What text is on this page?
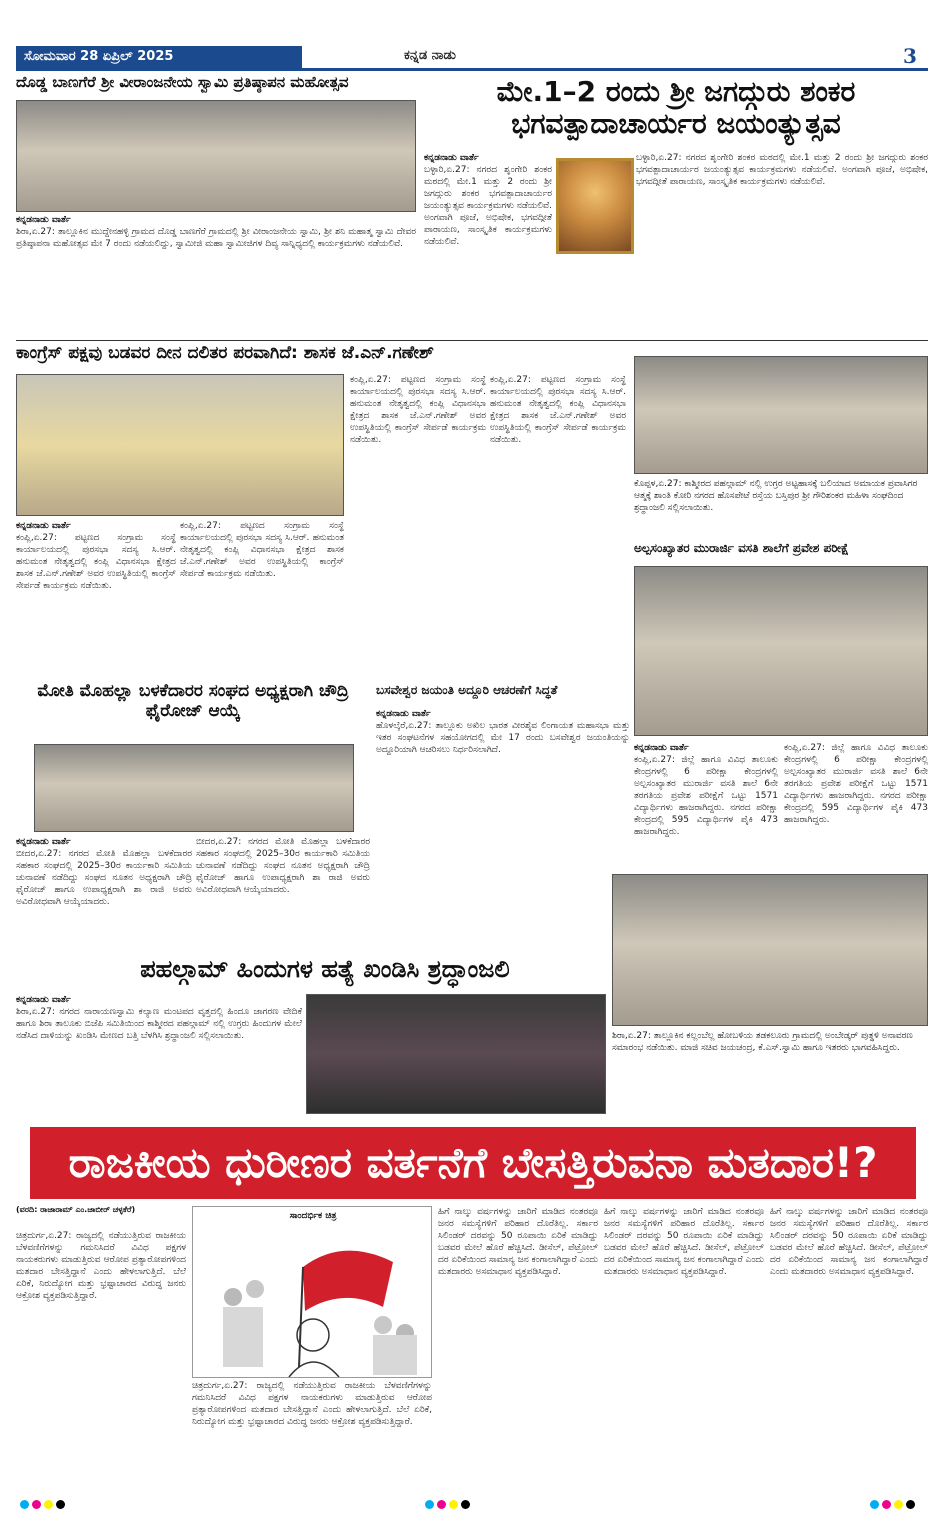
ಸೋಮವಾರ 28 ಏಪ್ರಿಲ್ 2025	ಕನ್ನಡ ನಾಡು	3
ದೊಡ್ಡ ಬಾಣಗೆರೆ ಶ್ರೀ ವೀರಾಂಜನೇಯ ಸ್ವಾಮಿ ಪ್ರತಿಷ್ಠಾಪನ ಮಹೋತ್ಸವ
ಕನ್ನಡನಾಡು ವಾರ್ತೆ
ಶಿರಾ,ಏ.27: ತಾಲ್ಲೂಕಿನ ಮುದ್ದೇನಹಳ್ಳಿ ಗ್ರಾಮದ ದೊಡ್ಡ ಬಾಣಗೆರೆ ಗ್ರಾಮದಲ್ಲಿ ಶ್ರೀ ವೀರಾಂಜನೇಯ ಸ್ವಾಮಿ, ಶ್ರೀ ಶನಿ ಮಹಾತ್ಮ ಸ್ವಾಮಿ ದೇವರ ಪ್ರತಿಷ್ಠಾಪನಾ ಮಹೋತ್ಸವ ಮೇ 7 ರಂದು ನಡೆಯಲಿದ್ದು, ಸ್ವಾಮೀಜಿ ಮಹಾ ಸ್ವಾಮೀಜಿಗಳ ದಿವ್ಯ ಸಾನ್ನಿಧ್ಯದಲ್ಲಿ ಕಾರ್ಯಕ್ರಮಗಳು ನಡೆಯಲಿವೆ.
ಮೇ.1–2 ರಂದು ಶ್ರೀ ಜಗದ್ಗುರು ಶಂಕರ ಭಗವತ್ಪಾದಾಚಾರ್ಯರ ಜಯಂತ್ಯುತ್ಸವ
ಕನ್ನಡನಾಡು ವಾರ್ತೆ
ಬಳ್ಳಾರಿ,ಏ.27: ನಗರದ ಶೃಂಗೇರಿ ಶಂಕರ ಮಠದಲ್ಲಿ ಮೇ.1 ಮತ್ತು 2 ರಂದು ಶ್ರೀ ಜಗದ್ಗುರು ಶಂಕರ ಭಗವತ್ಪಾದಾಚಾರ್ಯರ ಜಯಂತ್ಯುತ್ಸವ ಕಾರ್ಯಕ್ರಮಗಳು ನಡೆಯಲಿವೆ. ಅಂಗವಾಗಿ ಪೂಜೆ, ಅಭಿಷೇಕ, ಭಗವದ್ಗೀತೆ ಪಾರಾಯಣ, ಸಾಂಸ್ಕೃತಿಕ ಕಾರ್ಯಕ್ರಮಗಳು ನಡೆಯಲಿವೆ.
ಬಳ್ಳಾರಿ,ಏ.27: ನಗರದ ಶೃಂಗೇರಿ ಶಂಕರ ಮಠದಲ್ಲಿ ಮೇ.1 ಮತ್ತು 2 ರಂದು ಶ್ರೀ ಜಗದ್ಗುರು ಶಂಕರ ಭಗವತ್ಪಾದಾಚಾರ್ಯರ ಜಯಂತ್ಯುತ್ಸವ ಕಾರ್ಯಕ್ರಮಗಳು ನಡೆಯಲಿವೆ. ಅಂಗವಾಗಿ ಪೂಜೆ, ಅಭಿಷೇಕ, ಭಗವದ್ಗೀತೆ ಪಾರಾಯಣ, ಸಾಂಸ್ಕೃತಿಕ ಕಾರ್ಯಕ್ರಮಗಳು ನಡೆಯಲಿವೆ.
ಕಾಂಗ್ರೆಸ್ ಪಕ್ಷವು ಬಡವರ ದೀನ ದಲಿತರ ಪರವಾಗಿದೆ: ಶಾಸಕ ಜೆ.ಎನ್.ಗಣೇಶ್
ಕನ್ನಡನಾಡು ವಾರ್ತೆ
ಕಂಪ್ಲಿ,ಏ.27: ಪಟ್ಟಣದ ಸಂಗ್ರಾಮ ಸಂಸ್ಥೆ ಕಾರ್ಯಾಲಯದಲ್ಲಿ ಪುರಸಭಾ ಸದಸ್ಯ ಸಿ.ಆರ್. ಹನುಮಂತ ನೇತೃತ್ವದಲ್ಲಿ ಕಂಪ್ಲಿ ವಿಧಾನಸಭಾ ಕ್ಷೇತ್ರದ ಶಾಸಕ ಜೆ.ಎನ್.ಗಣೇಶ್ ಅವರ ಉಪಸ್ಥಿತಿಯಲ್ಲಿ ಕಾಂಗ್ರೆಸ್ ಸೇರ್ಪಡೆ ಕಾರ್ಯಕ್ರಮ ನಡೆಯಿತು.
ಕಂಪ್ಲಿ,ಏ.27: ಪಟ್ಟಣದ ಸಂಗ್ರಾಮ ಸಂಸ್ಥೆ ಕಾರ್ಯಾಲಯದಲ್ಲಿ ಪುರಸಭಾ ಸದಸ್ಯ ಸಿ.ಆರ್. ಹನುಮಂತ ನೇತೃತ್ವದಲ್ಲಿ ಕಂಪ್ಲಿ ವಿಧಾನಸಭಾ ಕ್ಷೇತ್ರದ ಶಾಸಕ ಜೆ.ಎನ್.ಗಣೇಶ್ ಅವರ ಉಪಸ್ಥಿತಿಯಲ್ಲಿ ಕಾಂಗ್ರೆಸ್ ಸೇರ್ಪಡೆ ಕಾರ್ಯಕ್ರಮ ನಡೆಯಿತು.
ಕಂಪ್ಲಿ,ಏ.27: ಪಟ್ಟಣದ ಸಂಗ್ರಾಮ ಸಂಸ್ಥೆ ಕಾರ್ಯಾಲಯದಲ್ಲಿ ಪುರಸಭಾ ಸದಸ್ಯ ಸಿ.ಆರ್. ಹನುಮಂತ ನೇತೃತ್ವದಲ್ಲಿ ಕಂಪ್ಲಿ ವಿಧಾನಸಭಾ ಕ್ಷೇತ್ರದ ಶಾಸಕ ಜೆ.ಎನ್.ಗಣೇಶ್ ಅವರ ಉಪಸ್ಥಿತಿಯಲ್ಲಿ ಕಾಂಗ್ರೆಸ್ ಸೇರ್ಪಡೆ ಕಾರ್ಯಕ್ರಮ ನಡೆಯಿತು.
ಕಂಪ್ಲಿ,ಏ.27: ಪಟ್ಟಣದ ಸಂಗ್ರಾಮ ಸಂಸ್ಥೆ ಕಾರ್ಯಾಲಯದಲ್ಲಿ ಪುರಸಭಾ ಸದಸ್ಯ ಸಿ.ಆರ್. ಹನುಮಂತ ನೇತೃತ್ವದಲ್ಲಿ ಕಂಪ್ಲಿ ವಿಧಾನಸಭಾ ಕ್ಷೇತ್ರದ ಶಾಸಕ ಜೆ.ಎನ್.ಗಣೇಶ್ ಅವರ ಉಪಸ್ಥಿತಿಯಲ್ಲಿ ಕಾಂಗ್ರೆಸ್ ಸೇರ್ಪಡೆ ಕಾರ್ಯಕ್ರಮ ನಡೆಯಿತು.
ಕೊಪ್ಪಳ,ಏ.27: ಕಾಶ್ಮೀರದ ಪಹಲ್ಗಾಮ್ ನಲ್ಲಿ ಉಗ್ರರ ಅಟ್ಟಹಾಸಕ್ಕೆ ಬಲಿಯಾದ ಅಮಾಯಕ ಪ್ರವಾಸಿಗರ ಆತ್ಮಕ್ಕೆ ಶಾಂತಿ ಕೋರಿ ನಗರದ ಹೊಸಪೇಟೆ ರಸ್ತೆಯ ಬಸ್ತಿಪುರ ಶ್ರೀ ಗೌರಿಶಂಕರ ಮಹಿಳಾ ಸಂಘದಿಂದ ಶ್ರದ್ಧಾಂಜಲಿ ಸಲ್ಲಿಸಲಾಯಿತು.
ಅಲ್ಪಸಂಖ್ಯಾತರ ಮುರಾರ್ಜಿ ವಸತಿ ಶಾಲೆಗೆ ಪ್ರವೇಶ ಪರೀಕ್ಷೆ
ಕನ್ನಡನಾಡು ವಾರ್ತೆ
ಕಂಪ್ಲಿ,ಏ.27: ಜಿಲ್ಲೆ ಹಾಗೂ ವಿವಿಧ ತಾಲೂಕು ಕೇಂದ್ರಗಳಲ್ಲಿ 6 ಪರೀಕ್ಷಾ ಕೇಂದ್ರಗಳಲ್ಲಿ ಅಲ್ಪಸಂಖ್ಯಾತರ ಮುರಾರ್ಜಿ ವಸತಿ ಶಾಲೆ 6ನೇ ತರಗತಿಯ ಪ್ರವೇಶ ಪರೀಕ್ಷೆಗೆ ಒಟ್ಟು 1571 ವಿದ್ಯಾರ್ಥಿಗಳು ಹಾಜರಾಗಿದ್ದರು. ನಗರದ ಪರೀಕ್ಷಾ ಕೇಂದ್ರದಲ್ಲಿ 595 ವಿದ್ಯಾರ್ಥಿಗಳ ಪೈಕಿ 473 ಹಾಜರಾಗಿದ್ದರು.
ಕಂಪ್ಲಿ,ಏ.27: ಜಿಲ್ಲೆ ಹಾಗೂ ವಿವಿಧ ತಾಲೂಕು ಕೇಂದ್ರಗಳಲ್ಲಿ 6 ಪರೀಕ್ಷಾ ಕೇಂದ್ರಗಳಲ್ಲಿ ಅಲ್ಪಸಂಖ್ಯಾತರ ಮುರಾರ್ಜಿ ವಸತಿ ಶಾಲೆ 6ನೇ ತರಗತಿಯ ಪ್ರವೇಶ ಪರೀಕ್ಷೆಗೆ ಒಟ್ಟು 1571 ವಿದ್ಯಾರ್ಥಿಗಳು ಹಾಜರಾಗಿದ್ದರು. ನಗರದ ಪರೀಕ್ಷಾ ಕೇಂದ್ರದಲ್ಲಿ 595 ವಿದ್ಯಾರ್ಥಿಗಳ ಪೈಕಿ 473 ಹಾಜರಾಗಿದ್ದರು.
ಮೋತಿ ಮೊಹಲ್ಲಾ ಬಳಕೆದಾರರ ಸಂಘದ ಅಧ್ಯಕ್ಷರಾಗಿ ಚೌದ್ರಿ ಫೈರೋಜ್ ಆಯ್ಕೆ
ಕನ್ನಡನಾಡು ವಾರ್ತೆ
ಬೀದರ,ಏ.27: ನಗರದ ಮೋತಿ ಮೊಹಲ್ಲಾ ಬಳಕೆದಾರರ ಸಹಕಾರ ಸಂಘದಲ್ಲಿ 2025–30ರ ಕಾರ್ಯಕಾರಿ ಸಮಿತಿಯ ಚುನಾವಣೆ ನಡೆದಿದ್ದು ಸಂಘದ ನೂತನ ಅಧ್ಯಕ್ಷರಾಗಿ ಚೌದ್ರಿ ಫೈರೋಜ್ ಹಾಗೂ ಉಪಾಧ್ಯಕ್ಷರಾಗಿ ಶಾ ರಾಜಿ ಅವರು ಅವಿರೋಧವಾಗಿ ಆಯ್ಕೆಯಾದರು.
ಬೀದರ,ಏ.27: ನಗರದ ಮೋತಿ ಮೊಹಲ್ಲಾ ಬಳಕೆದಾರರ ಸಹಕಾರ ಸಂಘದಲ್ಲಿ 2025–30ರ ಕಾರ್ಯಕಾರಿ ಸಮಿತಿಯ ಚುನಾವಣೆ ನಡೆದಿದ್ದು ಸಂಘದ ನೂತನ ಅಧ್ಯಕ್ಷರಾಗಿ ಚೌದ್ರಿ ಫೈರೋಜ್ ಹಾಗೂ ಉಪಾಧ್ಯಕ್ಷರಾಗಿ ಶಾ ರಾಜಿ ಅವರು ಅವಿರೋಧವಾಗಿ ಆಯ್ಕೆಯಾದರು.
ಬಸವೇಶ್ವರ ಜಯಂತಿ ಅದ್ದೂರಿ ಆಚರಣೆಗೆ ಸಿದ್ಧತೆ
ಕನ್ನಡನಾಡು ವಾರ್ತೆ
ಹೊಳಲ್ಕೆರೆ,ಏ.27: ತಾಲ್ಲೂಕು ಅಖಿಲ ಭಾರತ ವೀರಶೈವ ಲಿಂಗಾಯತ ಮಹಾಸಭಾ ಮತ್ತು ಇತರ ಸಂಘಟನೆಗಳ ಸಹಯೋಗದಲ್ಲಿ ಮೇ 17 ರಂದು ಬಸವೇಶ್ವರ ಜಯಂತಿಯನ್ನು ಅದ್ದೂರಿಯಾಗಿ ಆಚರಿಸಲು ನಿರ್ಧರಿಸಲಾಗಿದೆ.
ಪಹಲ್ಗಾಮ್ ಹಿಂದುಗಳ ಹತ್ಯೆ ಖಂಡಿಸಿ ಶ್ರದ್ಧಾಂಜಲಿ
ಕನ್ನಡನಾಡು ವಾರ್ತೆ
ಶಿರಾ,ಏ.27: ನಗರದ ನಾರಾಯಣಸ್ವಾಮಿ ಕಲ್ಯಾಣ ಮಂಟಪದ ವೃತ್ತದಲ್ಲಿ ಹಿಂದೂ ಜಾಗರಣ ವೇದಿಕೆ ಹಾಗೂ ಶಿರಾ ತಾಲೂಕು ಬಿಜೆಪಿ ಸಮಿತಿಯಿಂದ ಕಾಶ್ಮೀರದ ಪಹಲ್ಗಾಮ್ ನಲ್ಲಿ ಉಗ್ರರು ಹಿಂದುಗಳ ಮೇಲೆ ನಡೆಸಿದ ದಾಳಿಯನ್ನು ಖಂಡಿಸಿ ಮೇಣದ ಬತ್ತಿ ಬೆಳಗಿಸಿ ಶ್ರದ್ಧಾಂಜಲಿ ಸಲ್ಲಿಸಲಾಯಿತು.	ಶಿರಾ,ಏ.27: ತಾಲ್ಲೂಕಿನ ಕಲ್ಲಂಬೆಲ್ಲ ಹೋಬಳಿಯ ತಡಕಲೂರು ಗ್ರಾಮದಲ್ಲಿ ಅಂಬೇಡ್ಕರ್ ಪುತ್ಥಳಿ ಅನಾವರಣ ಸಮಾರಂಭ ನಡೆಯಿತು. ಮಾಜಿ ಸಚಿವ ಜಯಚಂದ್ರ, ಕೆ.ಎಸ್.ಸ್ವಾಮಿ ಹಾಗೂ ಇತರರು ಭಾಗವಹಿಸಿದ್ದರು.
ರಾಜಕೀಯ ಧುರೀಣರ ವರ್ತನೆಗೆ ಬೇಸತ್ತಿರುವನಾ ಮತದಾರ!?
(ವರದಿ: ರಾಜಾರಾಮ್ ಎಂ.ಜಾಬೀರ್ ಚಳ್ಳಕೆರೆ)
ಚಿತ್ರದುರ್ಗ,ಏ.27: ರಾಜ್ಯದಲ್ಲಿ ನಡೆಯುತ್ತಿರುವ ರಾಜಕೀಯ ಬೆಳವಣಿಗೆಗಳನ್ನು ಗಮನಿಸಿದರೆ ವಿವಿಧ ಪಕ್ಷಗಳ ನಾಯಕರುಗಳು ಮಾಡುತ್ತಿರುವ ಆರೋಪ ಪ್ರತ್ಯಾರೋಪಗಳಿಂದ ಮತದಾರ ಬೇಸತ್ತಿದ್ದಾನೆ ಎಂದು ಹೇಳಲಾಗುತ್ತಿದೆ. ಬೆಲೆ ಏರಿಕೆ, ನಿರುದ್ಯೋಗ ಮತ್ತು ಭ್ರಷ್ಟಾಚಾರದ ವಿರುದ್ಧ ಜನರು ಆಕ್ರೋಶ ವ್ಯಕ್ತಪಡಿಸುತ್ತಿದ್ದಾರೆ.
ಸಾಂದರ್ಭಿಕ ಚಿತ್ರ
ಚಿತ್ರದುರ್ಗ,ಏ.27: ರಾಜ್ಯದಲ್ಲಿ ನಡೆಯುತ್ತಿರುವ ರಾಜಕೀಯ ಬೆಳವಣಿಗೆಗಳನ್ನು ಗಮನಿಸಿದರೆ ವಿವಿಧ ಪಕ್ಷಗಳ ನಾಯಕರುಗಳು ಮಾಡುತ್ತಿರುವ ಆರೋಪ ಪ್ರತ್ಯಾರೋಪಗಳಿಂದ ಮತದಾರ ಬೇಸತ್ತಿದ್ದಾನೆ ಎಂದು ಹೇಳಲಾಗುತ್ತಿದೆ. ಬೆಲೆ ಏರಿಕೆ, ನಿರುದ್ಯೋಗ ಮತ್ತು ಭ್ರಷ್ಟಾಚಾರದ ವಿರುದ್ಧ ಜನರು ಆಕ್ರೋಶ ವ್ಯಕ್ತಪಡಿಸುತ್ತಿದ್ದಾರೆ.
ಹಿಗೆ ನಾಲ್ಕು ವರ್ಷಗಳನ್ನು ಜಾರಿಗೆ ಮಾಡಿದ ನಂತರವೂ ಜನರ ಸಮಸ್ಯೆಗಳಿಗೆ ಪರಿಹಾರ ದೊರೆತಿಲ್ಲ. ಸರ್ಕಾರ ಸಿಲಿಂಡರ್ ದರವನ್ನು 50 ರೂಪಾಯಿ ಏರಿಕೆ ಮಾಡಿದ್ದು ಬಡವರ ಮೇಲೆ ಹೊರೆ ಹೆಚ್ಚಿಸಿದೆ. ಡೀಸೆಲ್, ಪೆಟ್ರೋಲ್ ದರ ಏರಿಕೆಯಿಂದ ಸಾಮಾನ್ಯ ಜನ ಕಂಗಾಲಾಗಿದ್ದಾರೆ ಎಂದು ಮತದಾರರು ಅಸಮಾಧಾನ ವ್ಯಕ್ತಪಡಿಸಿದ್ದಾರೆ.
ಹಿಗೆ ನಾಲ್ಕು ವರ್ಷಗಳನ್ನು ಜಾರಿಗೆ ಮಾಡಿದ ನಂತರವೂ ಜನರ ಸಮಸ್ಯೆಗಳಿಗೆ ಪರಿಹಾರ ದೊರೆತಿಲ್ಲ. ಸರ್ಕಾರ ಸಿಲಿಂಡರ್ ದರವನ್ನು 50 ರೂಪಾಯಿ ಏರಿಕೆ ಮಾಡಿದ್ದು ಬಡವರ ಮೇಲೆ ಹೊರೆ ಹೆಚ್ಚಿಸಿದೆ. ಡೀಸೆಲ್, ಪೆಟ್ರೋಲ್ ದರ ಏರಿಕೆಯಿಂದ ಸಾಮಾನ್ಯ ಜನ ಕಂಗಾಲಾಗಿದ್ದಾರೆ ಎಂದು ಮತದಾರರು ಅಸಮಾಧಾನ ವ್ಯಕ್ತಪಡಿಸಿದ್ದಾರೆ.
ಹಿಗೆ ನಾಲ್ಕು ವರ್ಷಗಳನ್ನು ಜಾರಿಗೆ ಮಾಡಿದ ನಂತರವೂ ಜನರ ಸಮಸ್ಯೆಗಳಿಗೆ ಪರಿಹಾರ ದೊರೆತಿಲ್ಲ. ಸರ್ಕಾರ ಸಿಲಿಂಡರ್ ದರವನ್ನು 50 ರೂಪಾಯಿ ಏರಿಕೆ ಮಾಡಿದ್ದು ಬಡವರ ಮೇಲೆ ಹೊರೆ ಹೆಚ್ಚಿಸಿದೆ. ಡೀಸೆಲ್, ಪೆಟ್ರೋಲ್ ದರ ಏರಿಕೆಯಿಂದ ಸಾಮಾನ್ಯ ಜನ ಕಂಗಾಲಾಗಿದ್ದಾರೆ ಎಂದು ಮತದಾರರು ಅಸಮಾಧಾನ ವ್ಯಕ್ತಪಡಿಸಿದ್ದಾರೆ.
